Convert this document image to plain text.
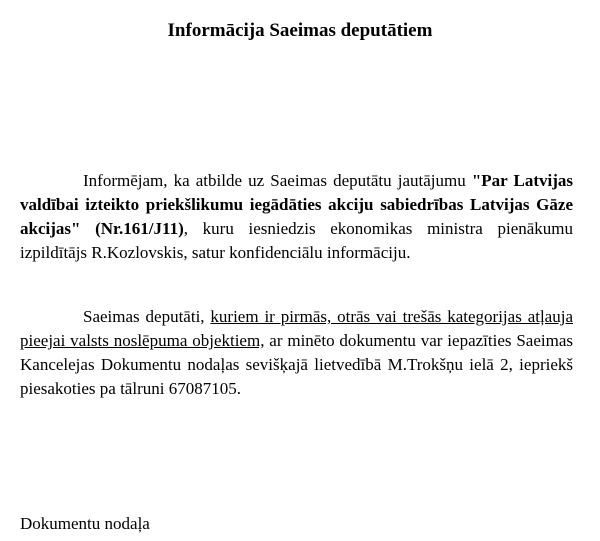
Informācija Saeimas deputātiem

Informējam, ka atbilde uz Saeimas deputātu jautājumu "Par Latvijas valdībai izteikto priekšlikumu iegādāties akciju sabiedrības Latvijas Gāze akcijas" (Nr.161/J11), kuru iesniedzis ekonomikas ministra pienākumu izpildītājs R.Kozlovskis, satur konfidenciālu informāciju.

Saeimas deputāti, kuriem ir pirmās, otrās vai trešās kategorijas atļauja pieejai valsts noslēpuma objektiem, ar minēto dokumentu var iepazīties Saeimas Kancelejas Dokumentu nodaļas sevišķajā lietvedībā M.Trokšņu ielā 2, iepriekš piesakoties pa tālruni 67087105.

Dokumentu nodaļa
